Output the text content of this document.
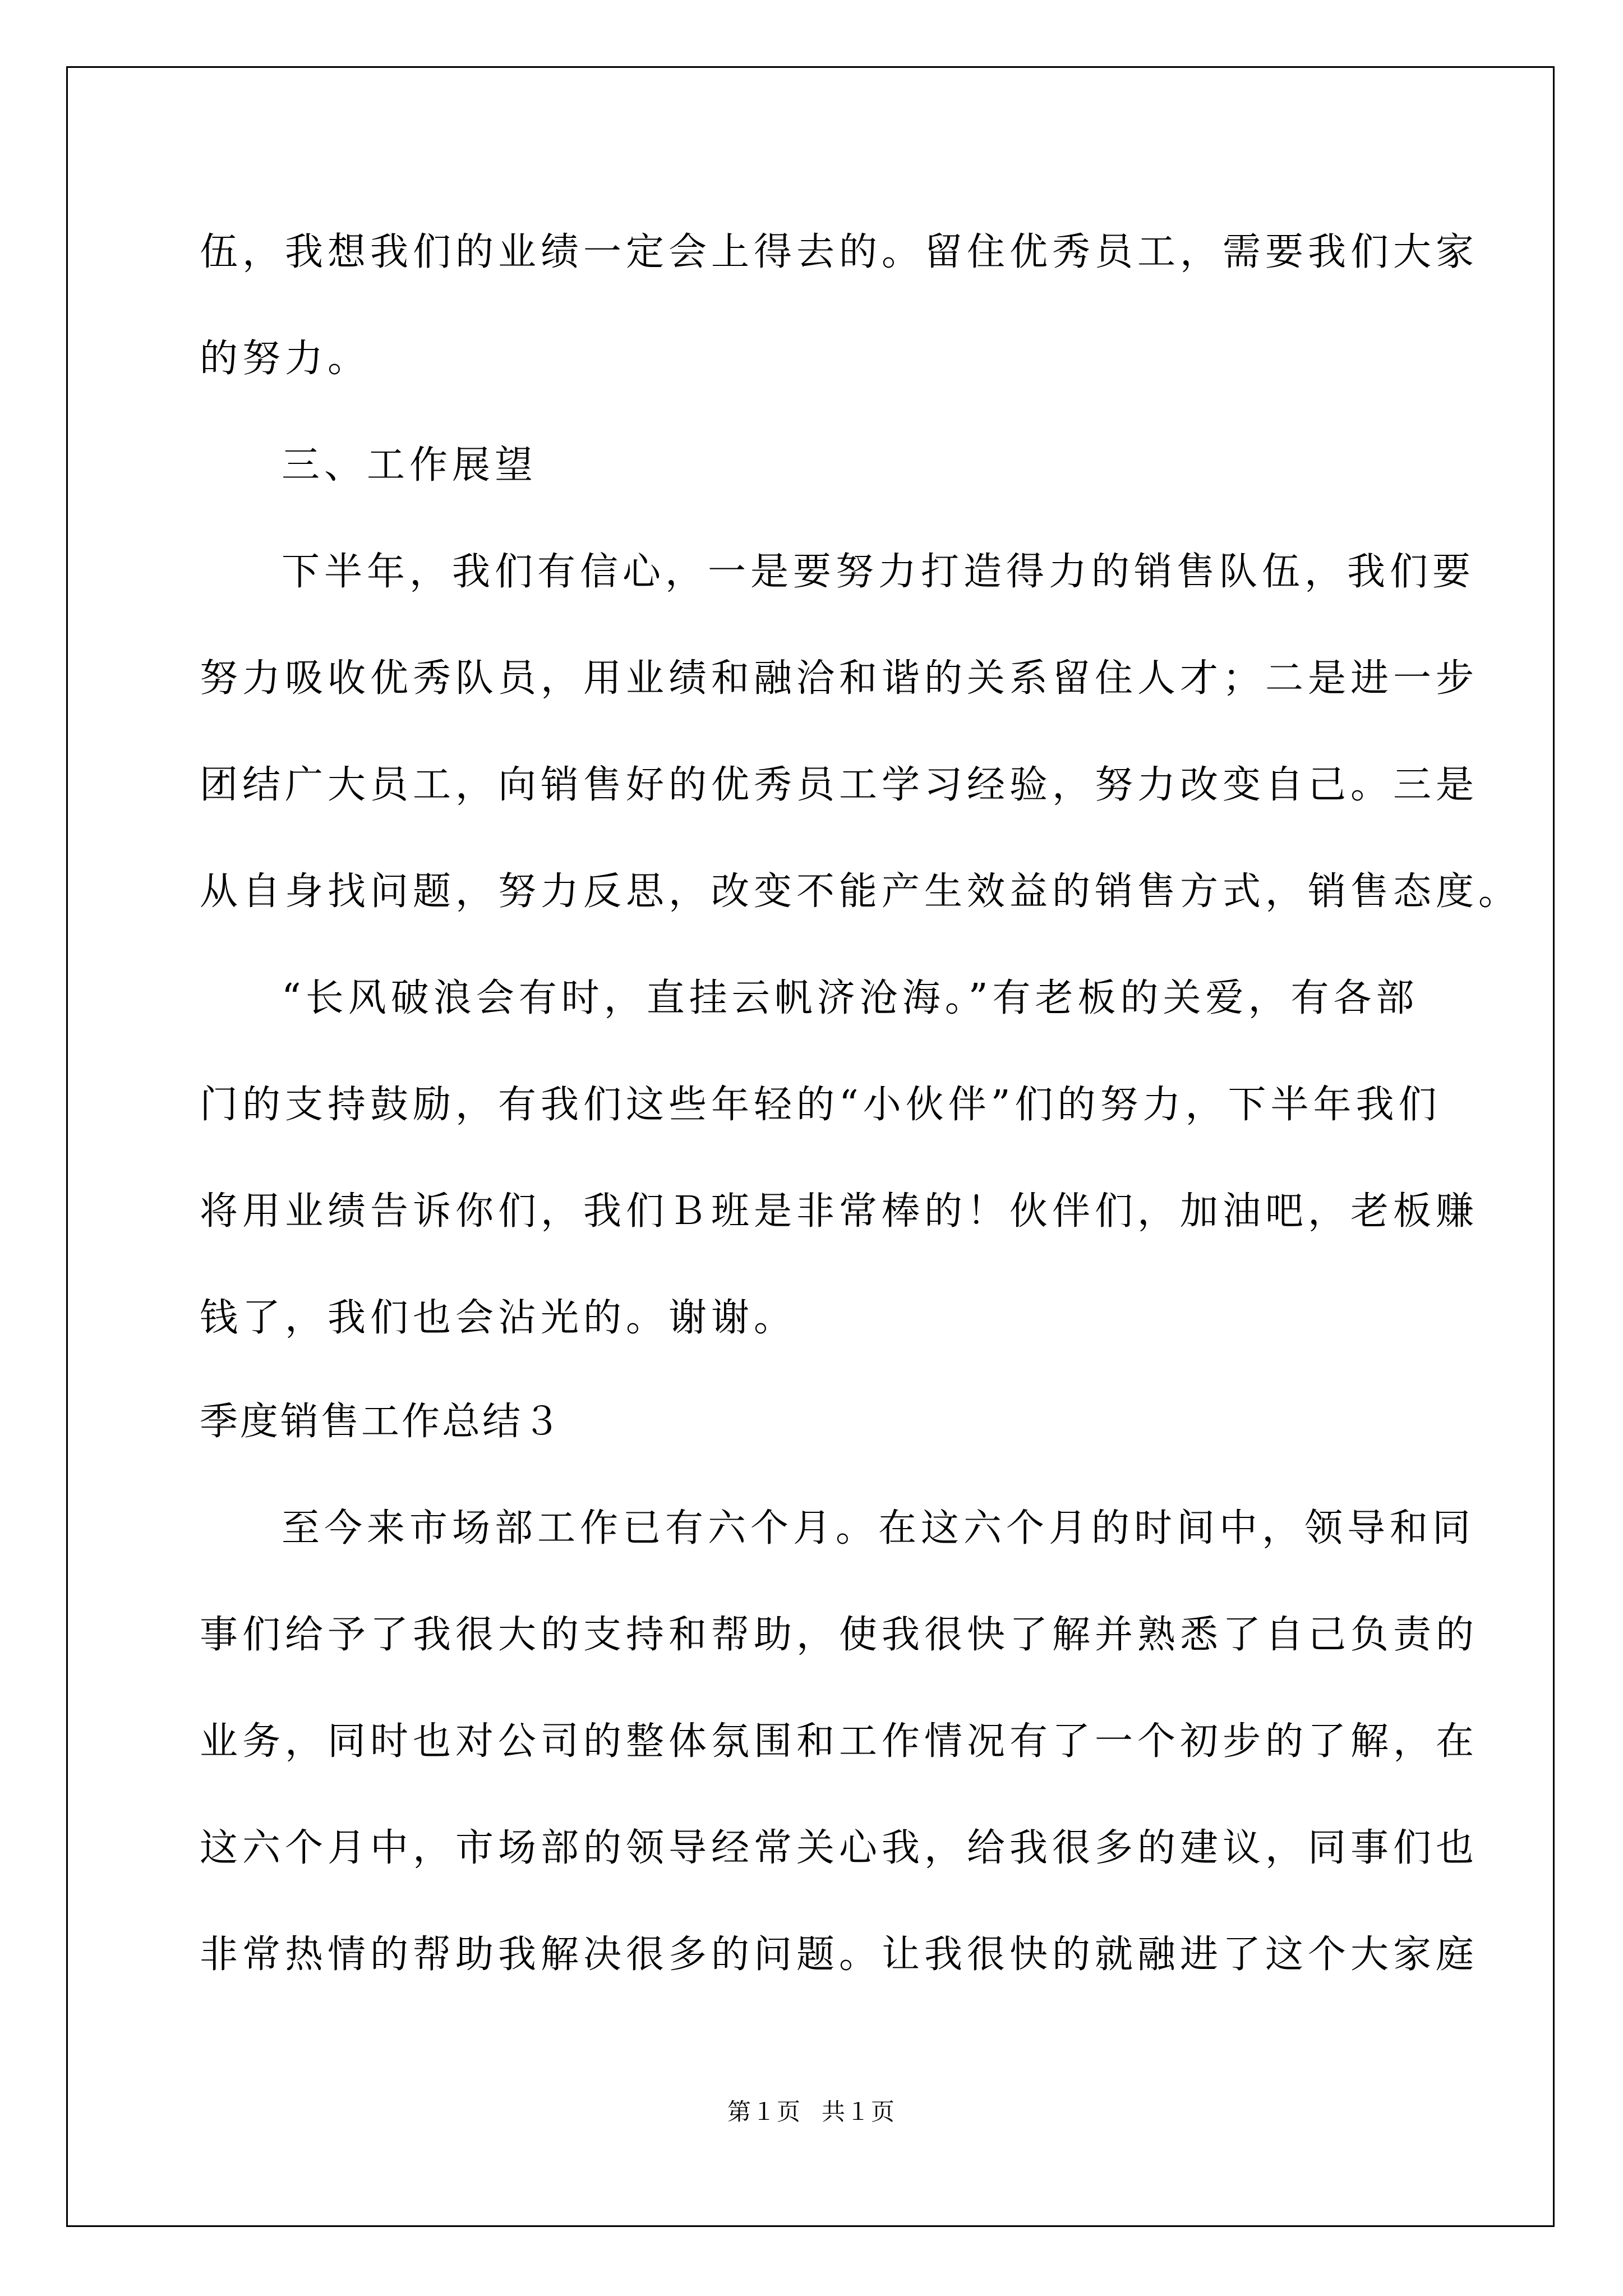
伍，我想我们的业绩一定会上得去的。留住优秀员工，需要我们大家
的努力。
三、工作展望
下半年，我们有信心，一是要努力打造得力的销售队伍，我们要
努力吸收优秀队员，用业绩和融洽和谐的关系留住人才；二是进一步
团结广大员工，向销售好的优秀员工学习经验，努力改变自己。三是
从自身找问题，努力反思，改变不能产生效益的销售方式，销售态度。
“长风破浪会有时，直挂云帆济沧海。”有老板的关爱，有各部
门的支持鼓励，有我们这些年轻的“小伙伴”们的努力，下半年我们
将用业绩告诉你们，我们Ｂ班是非常棒的！伙伴们，加油吧，老板赚
钱了，我们也会沾光的。谢谢。
季度销售工作总结３
至今来市场部工作已有六个月。在这六个月的时间中，领导和同
事们给予了我很大的支持和帮助，使我很快了解并熟悉了自己负责的
业务，同时也对公司的整体氛围和工作情况有了一个初步的了解，在
这六个月中，市场部的领导经常关心我，给我很多的建议，同事们也
非常热情的帮助我解决很多的问题。让我很快的就融进了这个大家庭
第１页 共１页
